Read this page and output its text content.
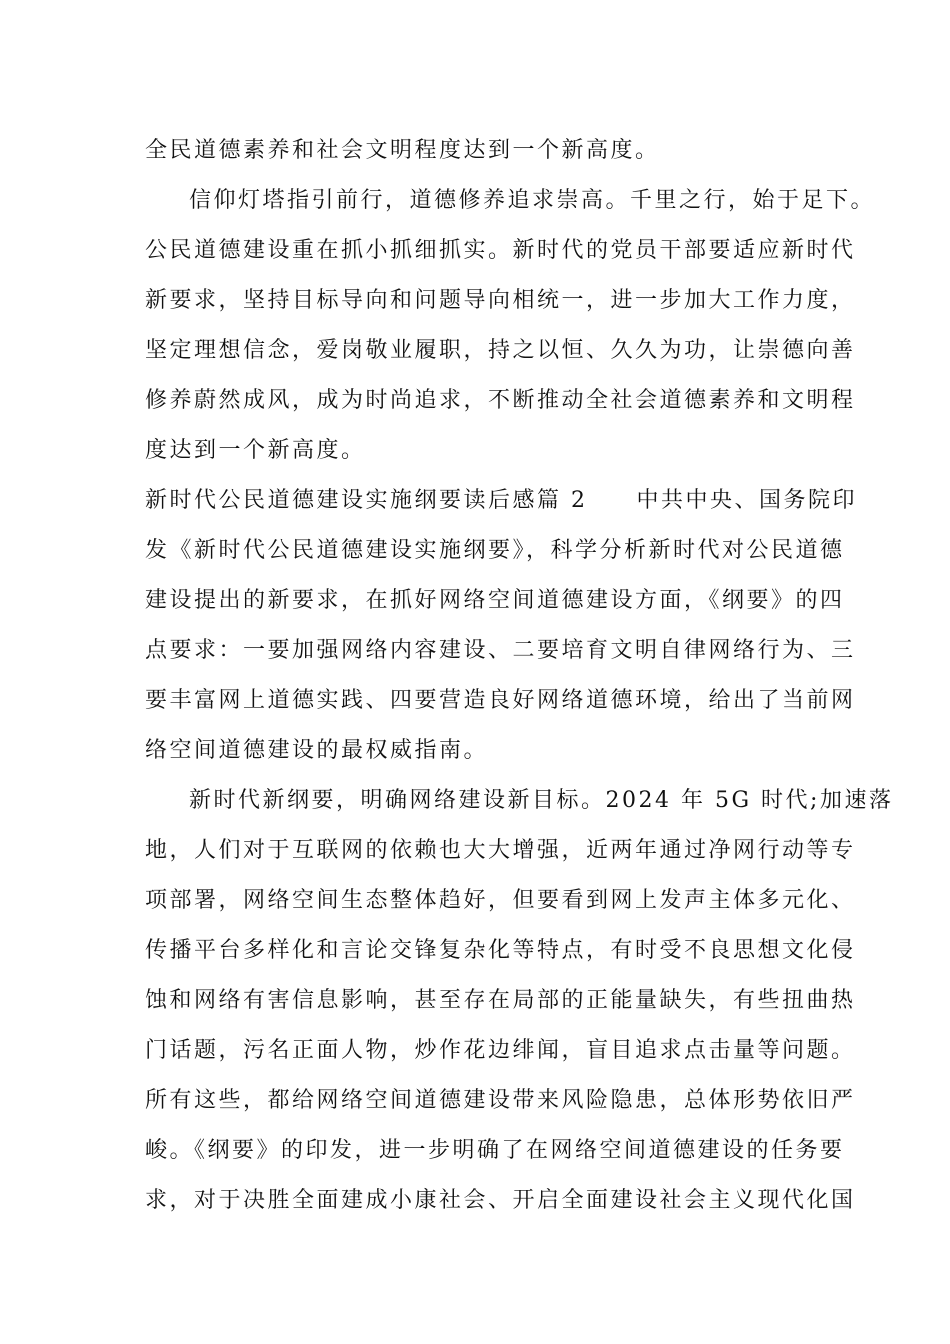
全民道德素养和社会文明程度达到一个新高度。
信仰灯塔指引前行，道德修养追求崇高。千里之行，始于足下。
公民道德建设重在抓小抓细抓实。新时代的党员干部要适应新时代
新要求，坚持目标导向和问题导向相统一，进一步加大工作力度，
坚定理想信念，爱岗敬业履职，持之以恒、久久为功，让崇德向善
修养蔚然成风，成为时尚追求，不断推动全社会道德素养和文明程
度达到一个新高度。
新时代公民道德建设实施纲要读后感篇 2　　中共中央、国务院印
发《新时代公民道德建设实施纲要》，科学分析新时代对公民道德
建设提出的新要求，在抓好网络空间道德建设方面，《纲要》的四
点要求：一要加强网络内容建设、二要培育文明自律网络行为、三
要丰富网上道德实践、四要营造良好网络道德环境，给出了当前网
络空间道德建设的最权威指南。
新时代新纲要，明确网络建设新目标。2024 年 5G 时代;加速落
地，人们对于互联网的依赖也大大增强，近两年通过净网行动等专
项部署，网络空间生态整体趋好，但要看到网上发声主体多元化、
传播平台多样化和言论交锋复杂化等特点，有时受不良思想文化侵
蚀和网络有害信息影响，甚至存在局部的正能量缺失，有些扭曲热
门话题，污名正面人物，炒作花边绯闻，盲目追求点击量等问题。
所有这些，都给网络空间道德建设带来风险隐患，总体形势依旧严
峻。《纲要》的印发，进一步明确了在网络空间道德建设的任务要
求，对于决胜全面建成小康社会、开启全面建设社会主义现代化国
